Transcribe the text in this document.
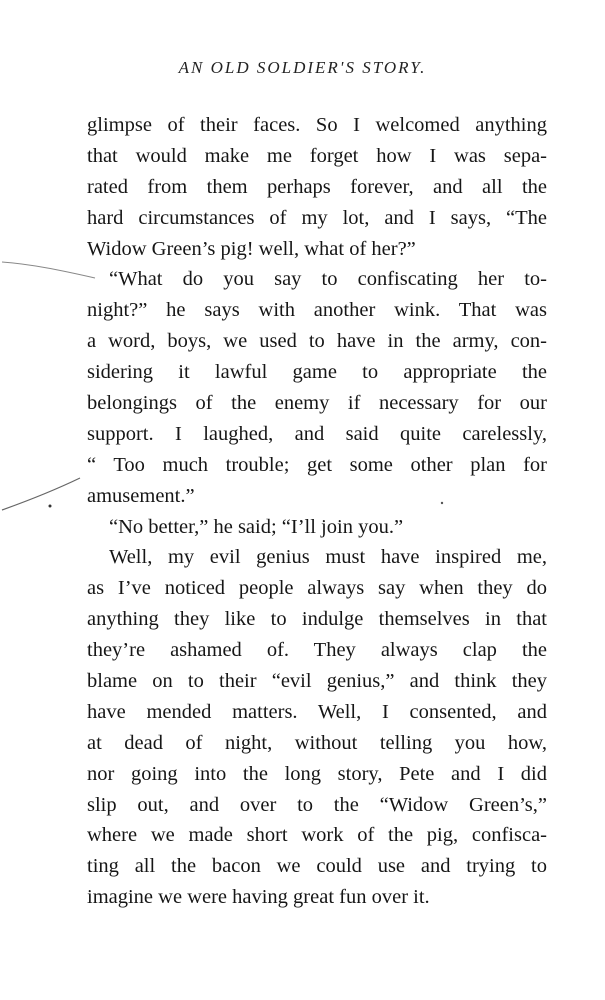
AN OLD SOLDIER'S STORY.
glimpse of their faces. So I welcomed anything
that would make me forget how I was sepa-
rated from them perhaps forever, and all the
hard circumstances of my lot, and I says, “The
Widow Green’s pig! well, what of her?”
“What do you say to confiscating her to-
night?” he says with another wink. That was
a word, boys, we used to have in the army, con-
sidering it lawful game to appropriate the
belongings of the enemy if necessary for our
support. I laughed, and said quite carelessly,
“ Too much trouble; get some other plan for
amusement.”
“No better,” he said; “I’ll join you.”
Well, my evil genius must have inspired me,
as I’ve noticed people always say when they do
anything they like to indulge themselves in that
they’re ashamed of. They always clap the
blame on to their “evil genius,” and think they
have mended matters. Well, I consented, and
at dead of night, without telling you how,
nor going into the long story, Pete and I did
slip out, and over to the “Widow Green’s,”
where we made short work of the pig, confisca-
ting all the bacon we could use and trying to
imagine we were having great fun over it.
